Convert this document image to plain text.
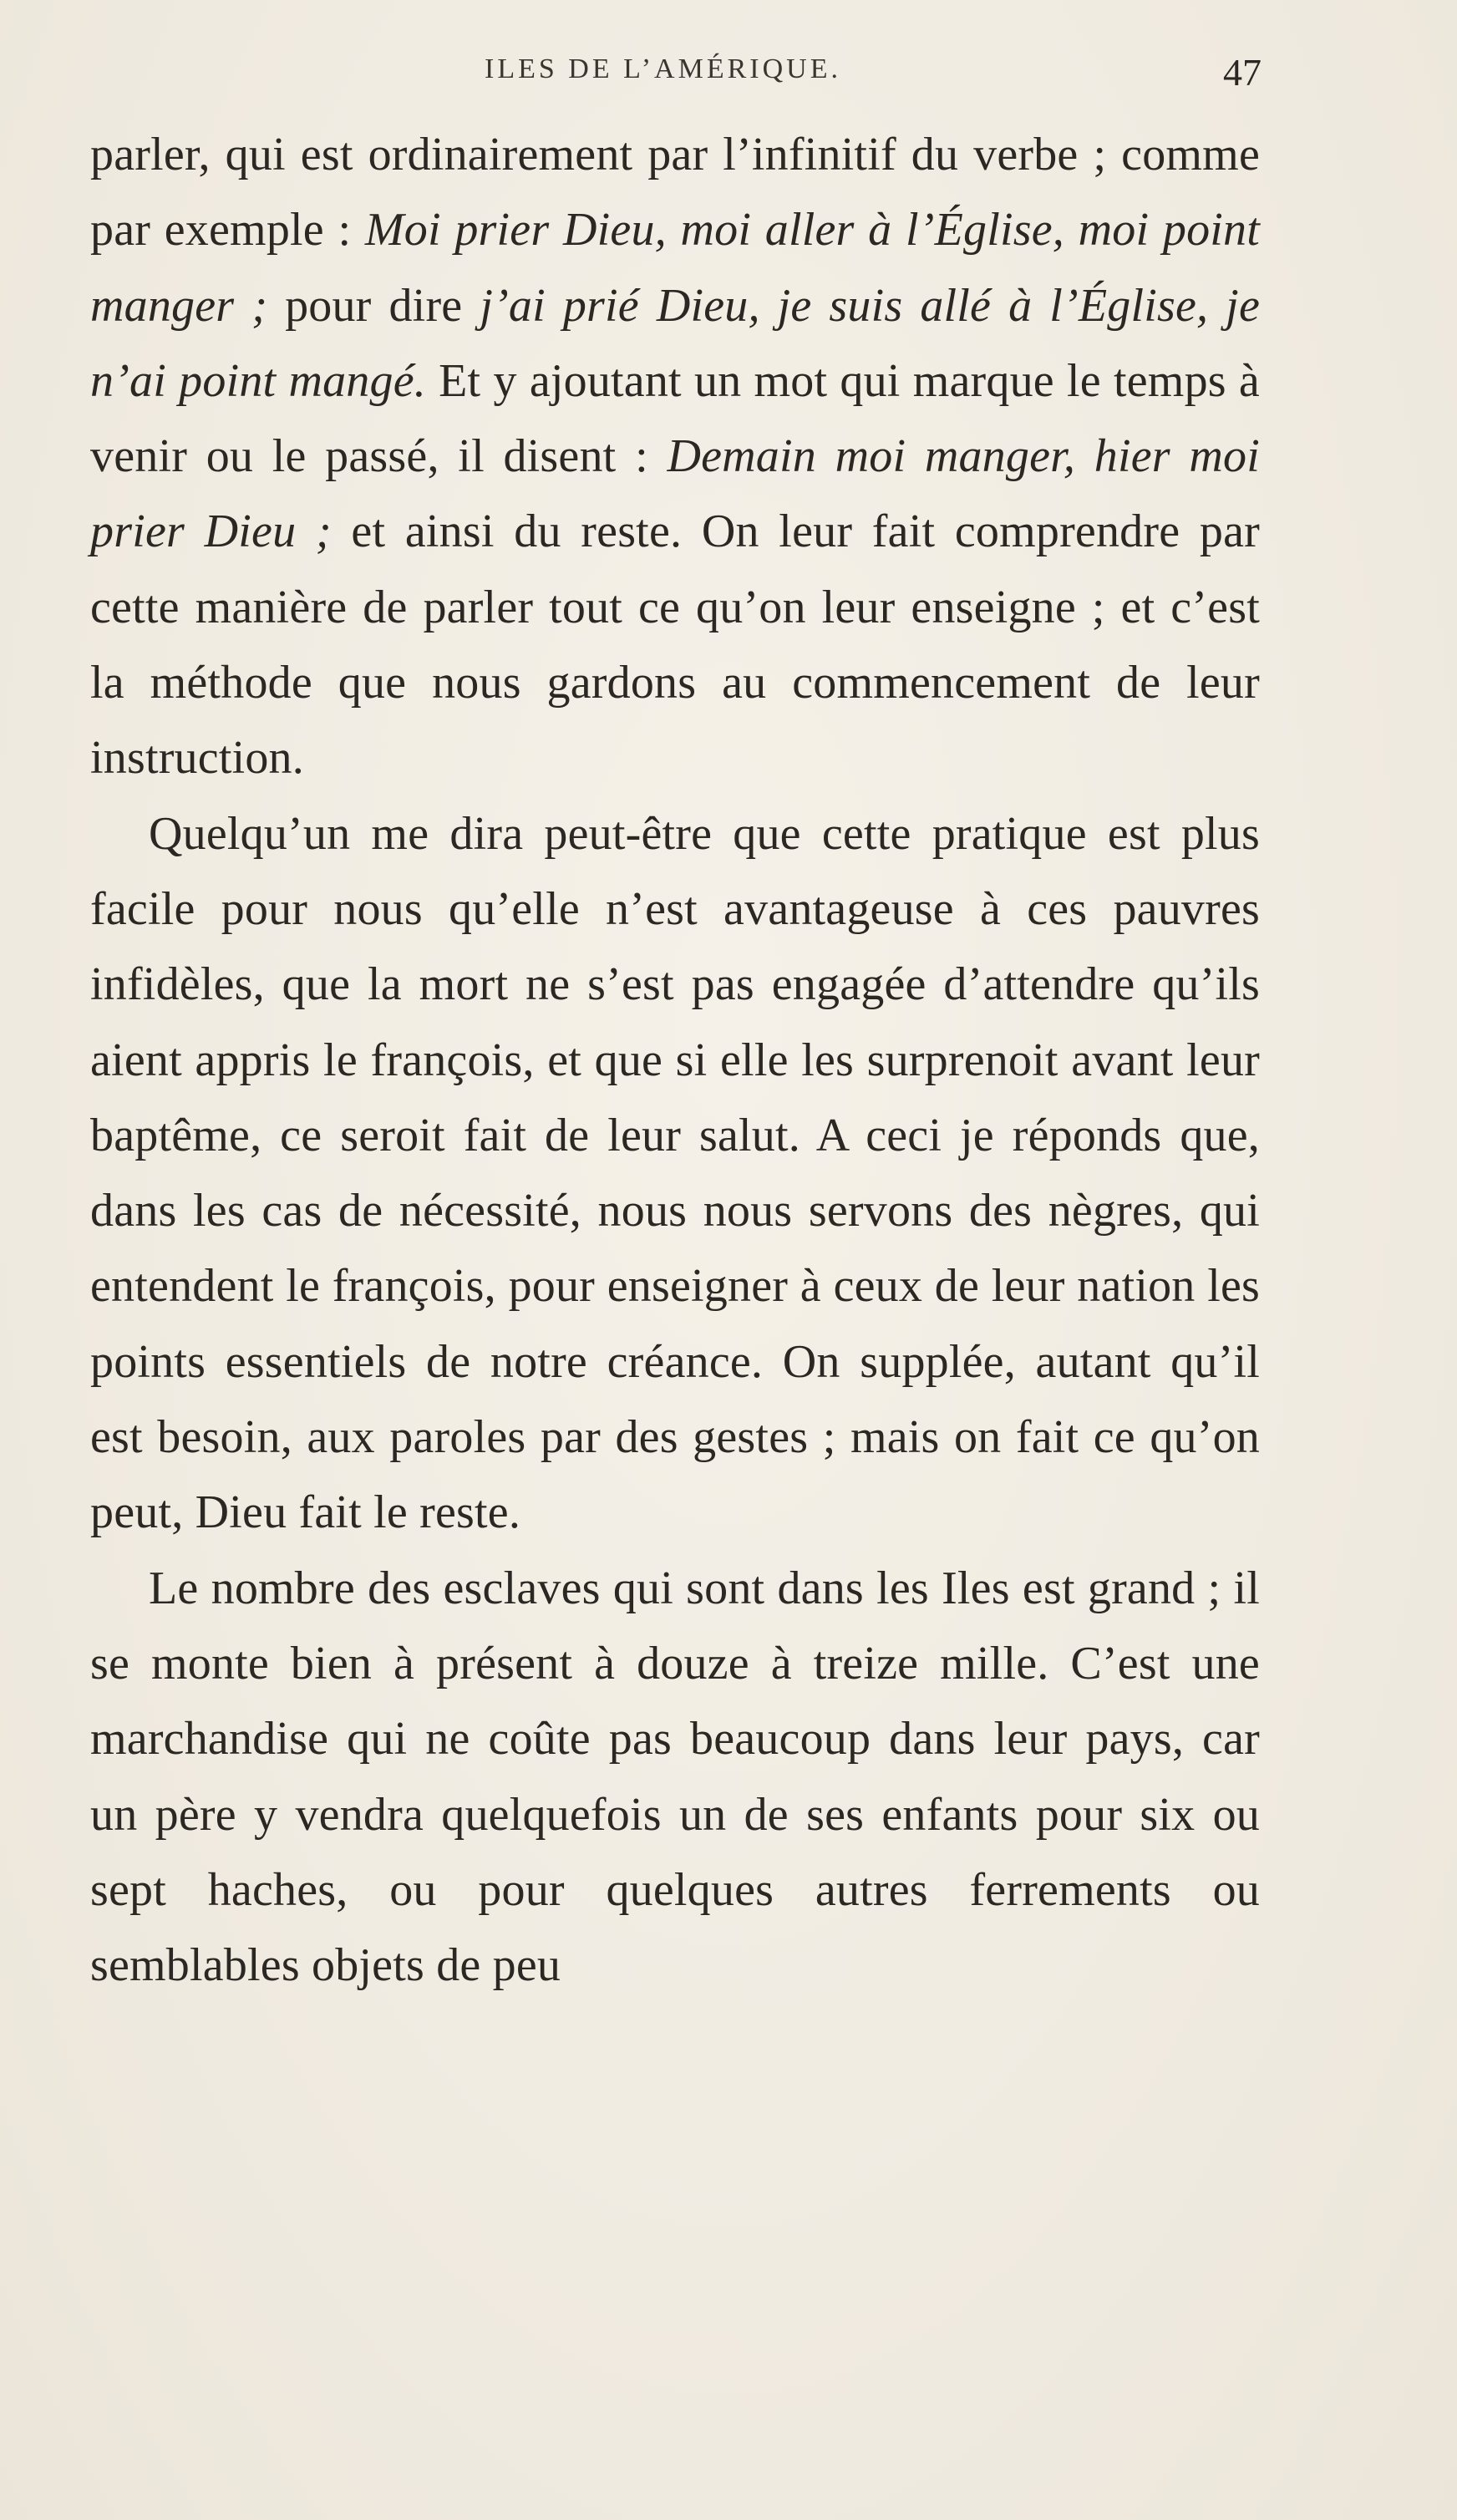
ILES DE L’AMÉRIQUE.	47

parler, qui est ordinairement par l’infinitif du verbe ; comme par exemple : Moi prier Dieu, moi aller à l’Église, moi point manger ; pour dire j’ai prié Dieu, je suis allé à l’Église, je n’ai point mangé. Et y ajoutant un mot qui marque le temps à venir ou le passé, il disent : Demain moi manger, hier moi prier Dieu ; et ainsi du reste. On leur fait comprendre par cette manière de parler tout ce qu’on leur enseigne ; et c’est la méthode que nous gardons au commencement de leur instruction.

Quelqu’un me dira peut-être que cette pratique est plus facile pour nous qu’elle n’est avantageuse à ces pauvres infidèles, que la mort ne s’est pas engagée d’attendre qu’ils aient appris le françois, et que si elle les surprenoit avant leur baptême, ce seroit fait de leur salut. A ceci je réponds que, dans les cas de nécessité, nous nous servons des nègres, qui entendent le françois, pour enseigner à ceux de leur nation les points essentiels de notre créance. On supplée, autant qu’il est besoin, aux paroles par des gestes ; mais on fait ce qu’on peut, Dieu fait le reste.

Le nombre des esclaves qui sont dans les Iles est grand ; il se monte bien à présent à douze à treize mille. C’est une marchandise qui ne coûte pas beaucoup dans leur pays, car un père y vendra quelquefois un de ses enfants pour six ou sept haches, ou pour quelques autres ferrements ou semblables objets de peu
